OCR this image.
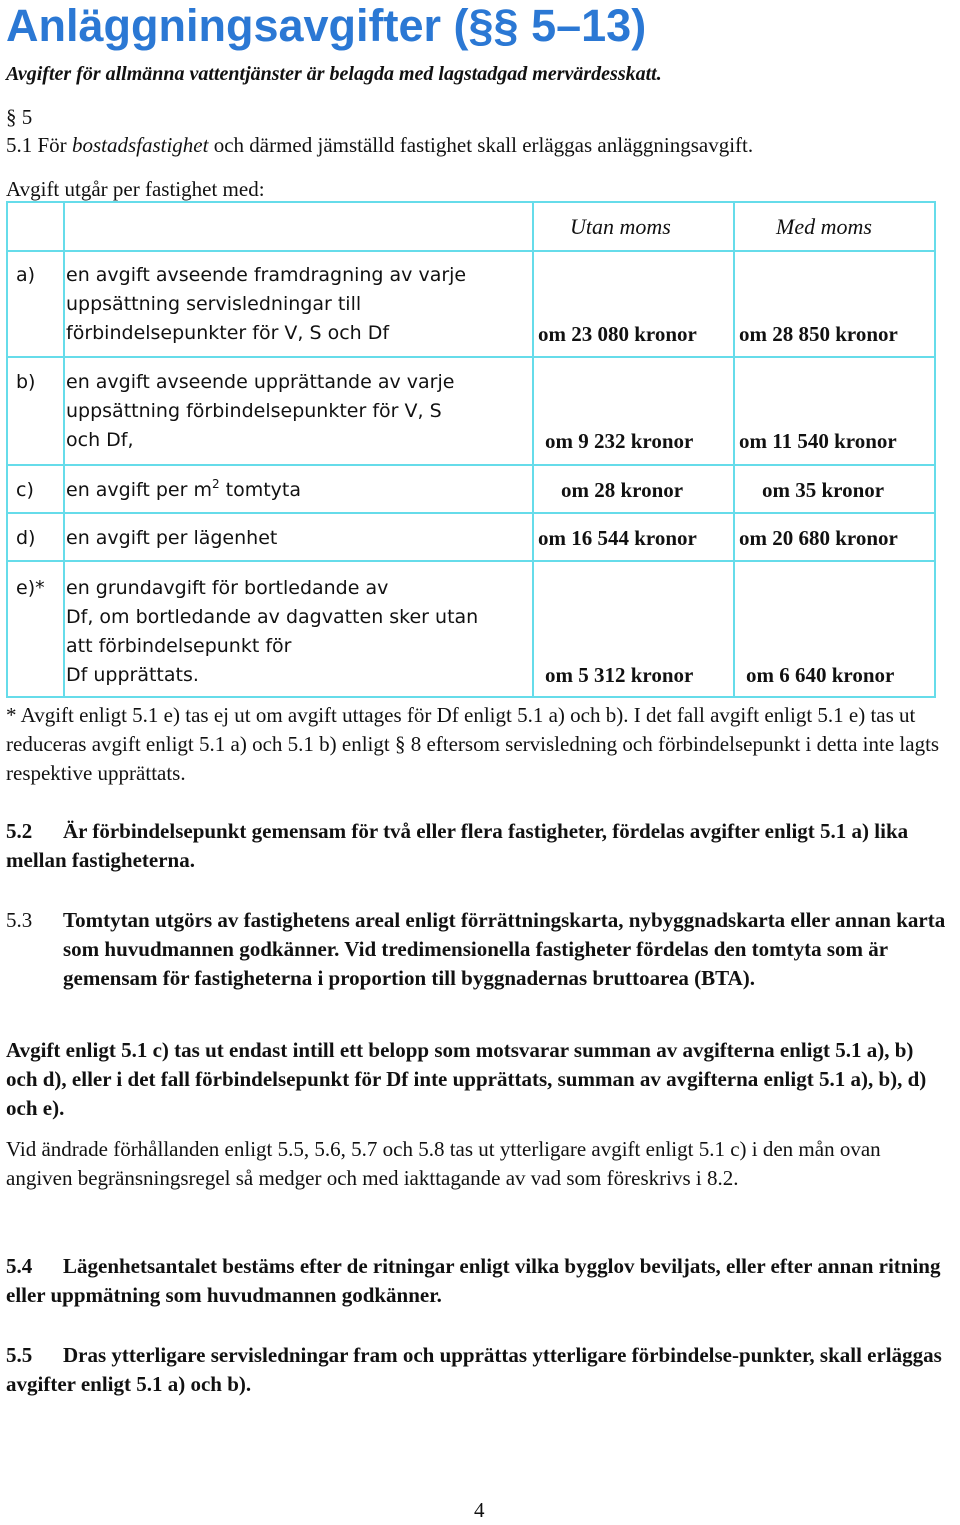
Anläggningsavgifter (§§ 5–13)
Avgifter för allmänna vattentjänster är belagda med lagstadgad mervärdesskatt.
§ 5
5.1 För bostadsfastighet och därmed jämställd fastighet skall erläggas anläggningsavgift.
Avgift utgår per fastighet med:
Utan moms	Med moms
a) en avgift avseende framdragning av varje
uppsättning servisledningar till
förbindelsepunkter för V, S och Df	om 23 080 kronor om 28 850 kronor
b) en avgift avseende upprättande av varje
uppsättning förbindelsepunkter för V, S
och Df,	om 9 232 kronor om 11 540 kronor
c) en avgift per $m^2$ tomtyta	om 28 kronor	om 35 kronor
d) en avgift per lägenhet	om 16 544 kronor om 20 680 kronor
e)* en grundavgift för bortledande av
Df, om bortledande av dagvatten sker utan
att förbindelsepunkt för
Df upprättats.	om 5 312 kronor	om 6 640 kronor
* Avgift enligt 5.1 e) tas ej ut om avgift uttages för Df enligt 5.1 a) och b). I det fall avgift enligt 5.1 e) tas ut reduceras avgift enligt 5.1 a) och 5.1 b) enligt § 8 eftersom servisledning och förbindelsepunkt i detta inte lagts respektive upprättats.
5.2	Är förbindelsepunkt gemensam för två eller flera fastigheter, fördelas avgifter enligt 5.1 a) lika mellan fastigheterna.
5.3 Tomtytan utgörs av fastighetens areal enligt förrättningskarta, nybyggnadskarta eller annan karta som huvudmannen godkänner. Vid tredimensionella fastigheter fördelas den tomtyta som är gemensam för fastigheterna i proportion till byggnadernas bruttoarea (BTA).
Avgift enligt 5.1 c) tas ut endast intill ett belopp som motsvarar summan av avgifterna enligt 5.1 a), b) och d), eller i det fall förbindelsepunkt för Df inte upprättats, summan av avgifterna enligt 5.1 a), b), d) och e).
Vid ändrade förhållanden enligt 5.5, 5.6, 5.7 och 5.8 tas ut ytterligare avgift enligt 5.1 c) i den mån ovan angiven begränsningsregel så medger och med iakttagande av vad som föreskrivs i 8.2.
5.4	Lägenhetsantalet bestäms efter de ritningar enligt vilka bygglov beviljats, eller efter annan ritning eller uppmätning som huvudmannen godkänner.
5.5	Dras ytterligare servisledningar fram och upprättas ytterligare förbindelse-punkter, skall erläggas avgifter enligt 5.1 a) och b).
4
